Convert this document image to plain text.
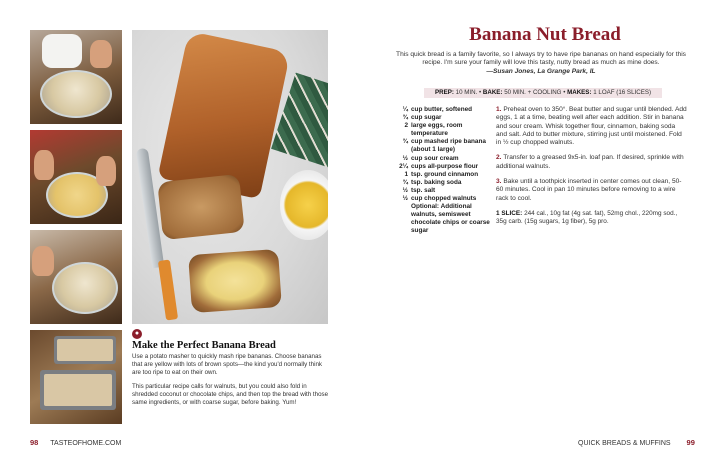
●
Make the Perfect Banana Bread

Use a potato masher to quickly mash ripe bananas. Choose bananas that are yellow with lots of brown spots—the kind you'd normally think are too ripe to eat on their own.

This particular recipe calls for walnuts, but you could also fold in shredded coconut or chocolate chips, and then top the bread with those same ingredients, or with coarse sugar, before baking. Yum!

98 TASTEOFHOME.COM
Banana Nut Bread
This quick bread is a family favorite, so I always try to have ripe bananas on hand especially for this recipe. I'm sure your family will love this tasty, nutty bread as much as mine does.
—Susan Jones, La Grange Park, IL
PREP: 10 MIN. • BAKE: 50 MIN. + COOLING • MAKES: 1 LOAF (16 SLICES)
¼ cup butter, softened
¾ cup sugar
2 large eggs, room temperature
¾ cup mashed ripe banana (about 1 large)
½ cup sour cream
2¼ cups all-purpose flour
1 tsp. ground cinnamon
¾ tsp. baking soda
½ tsp. salt
½ cup chopped walnuts
Optional: Additional walnuts, semisweet chocolate chips or coarse sugar
1. Preheat oven to 350°. Beat butter and sugar until blended. Add eggs, 1 at a time, beating well after each addition. Stir in banana and sour cream. Whisk together flour, cinnamon, baking soda and salt. Add to butter mixture, stirring just until moistened. Fold in ½ cup chopped walnuts.
2. Transfer to a greased 9x5-in. loaf pan. If desired, sprinkle with additional walnuts.
3. Bake until a toothpick inserted in center comes out clean, 50-60 minutes. Cool in pan 10 minutes before removing to a wire rack to cool.
1 SLICE: 244 cal., 10g fat (4g sat. fat), 52mg chol., 220mg sod., 35g carb. (15g sugars, 1g fiber), 5g pro.
QUICK BREADS & MUFFINS 99
